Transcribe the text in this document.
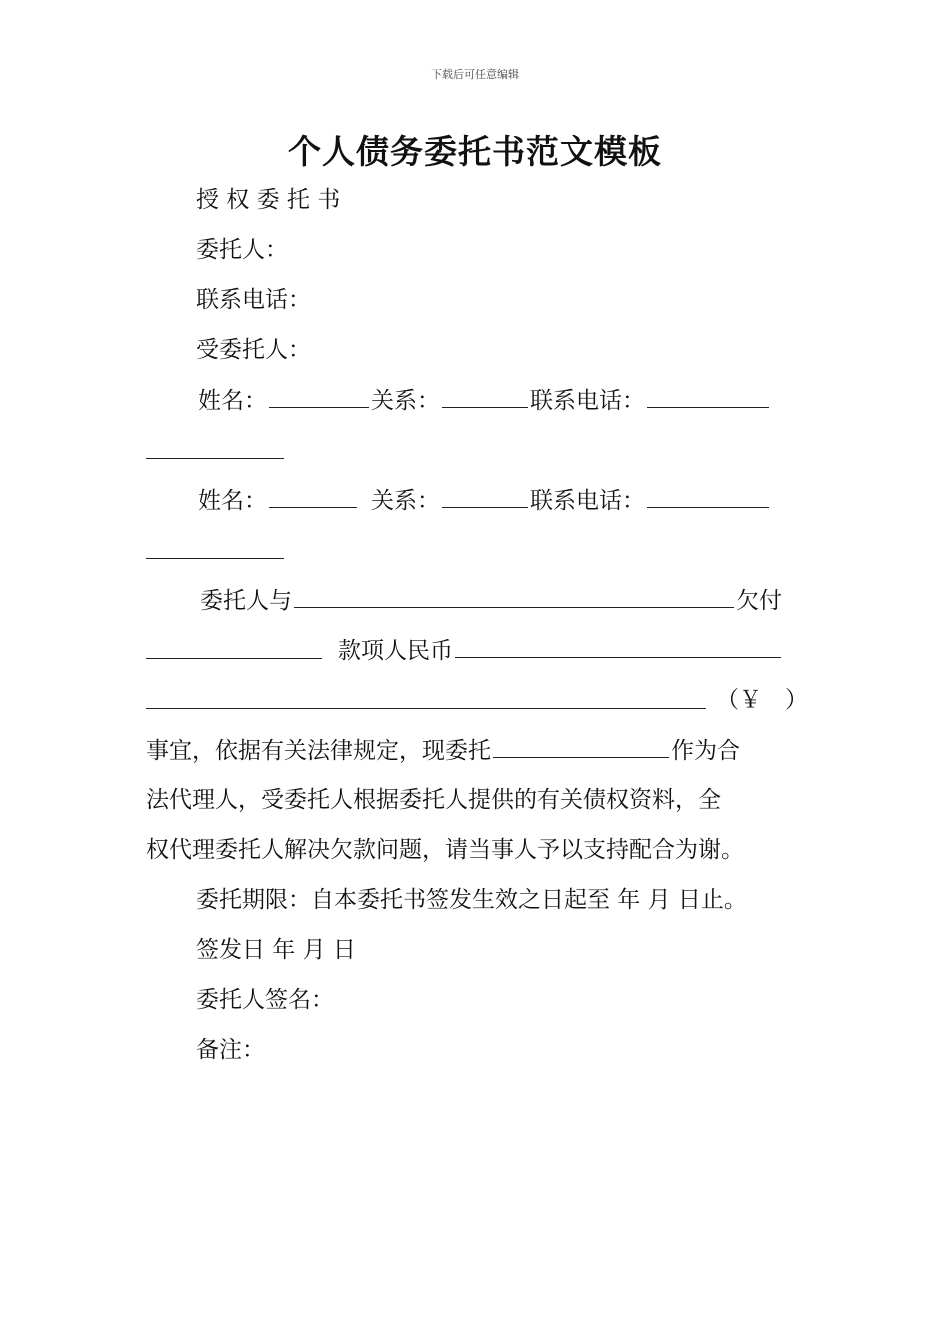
下载后可任意编辑
个人债务委托书范文模板
授 权 委 托 书
委托人：
联系电话：
受委托人：
姓名：	关系：	联系电话：
姓名：	关系：	联系电话：
委托人与	欠付
款项人民币
（￥　）
事宜，依据有关法律规定，现委托	作为合
法代理人，受委托人根据委托人提供的有关债权资料，全
权代理委托人解决欠款问题，请当事人予以支持配合为谢。
委托期限：自本委托书签发生效之日起至 年 月 日止。
签发日 年 月 日
委托人签名：
备注：
